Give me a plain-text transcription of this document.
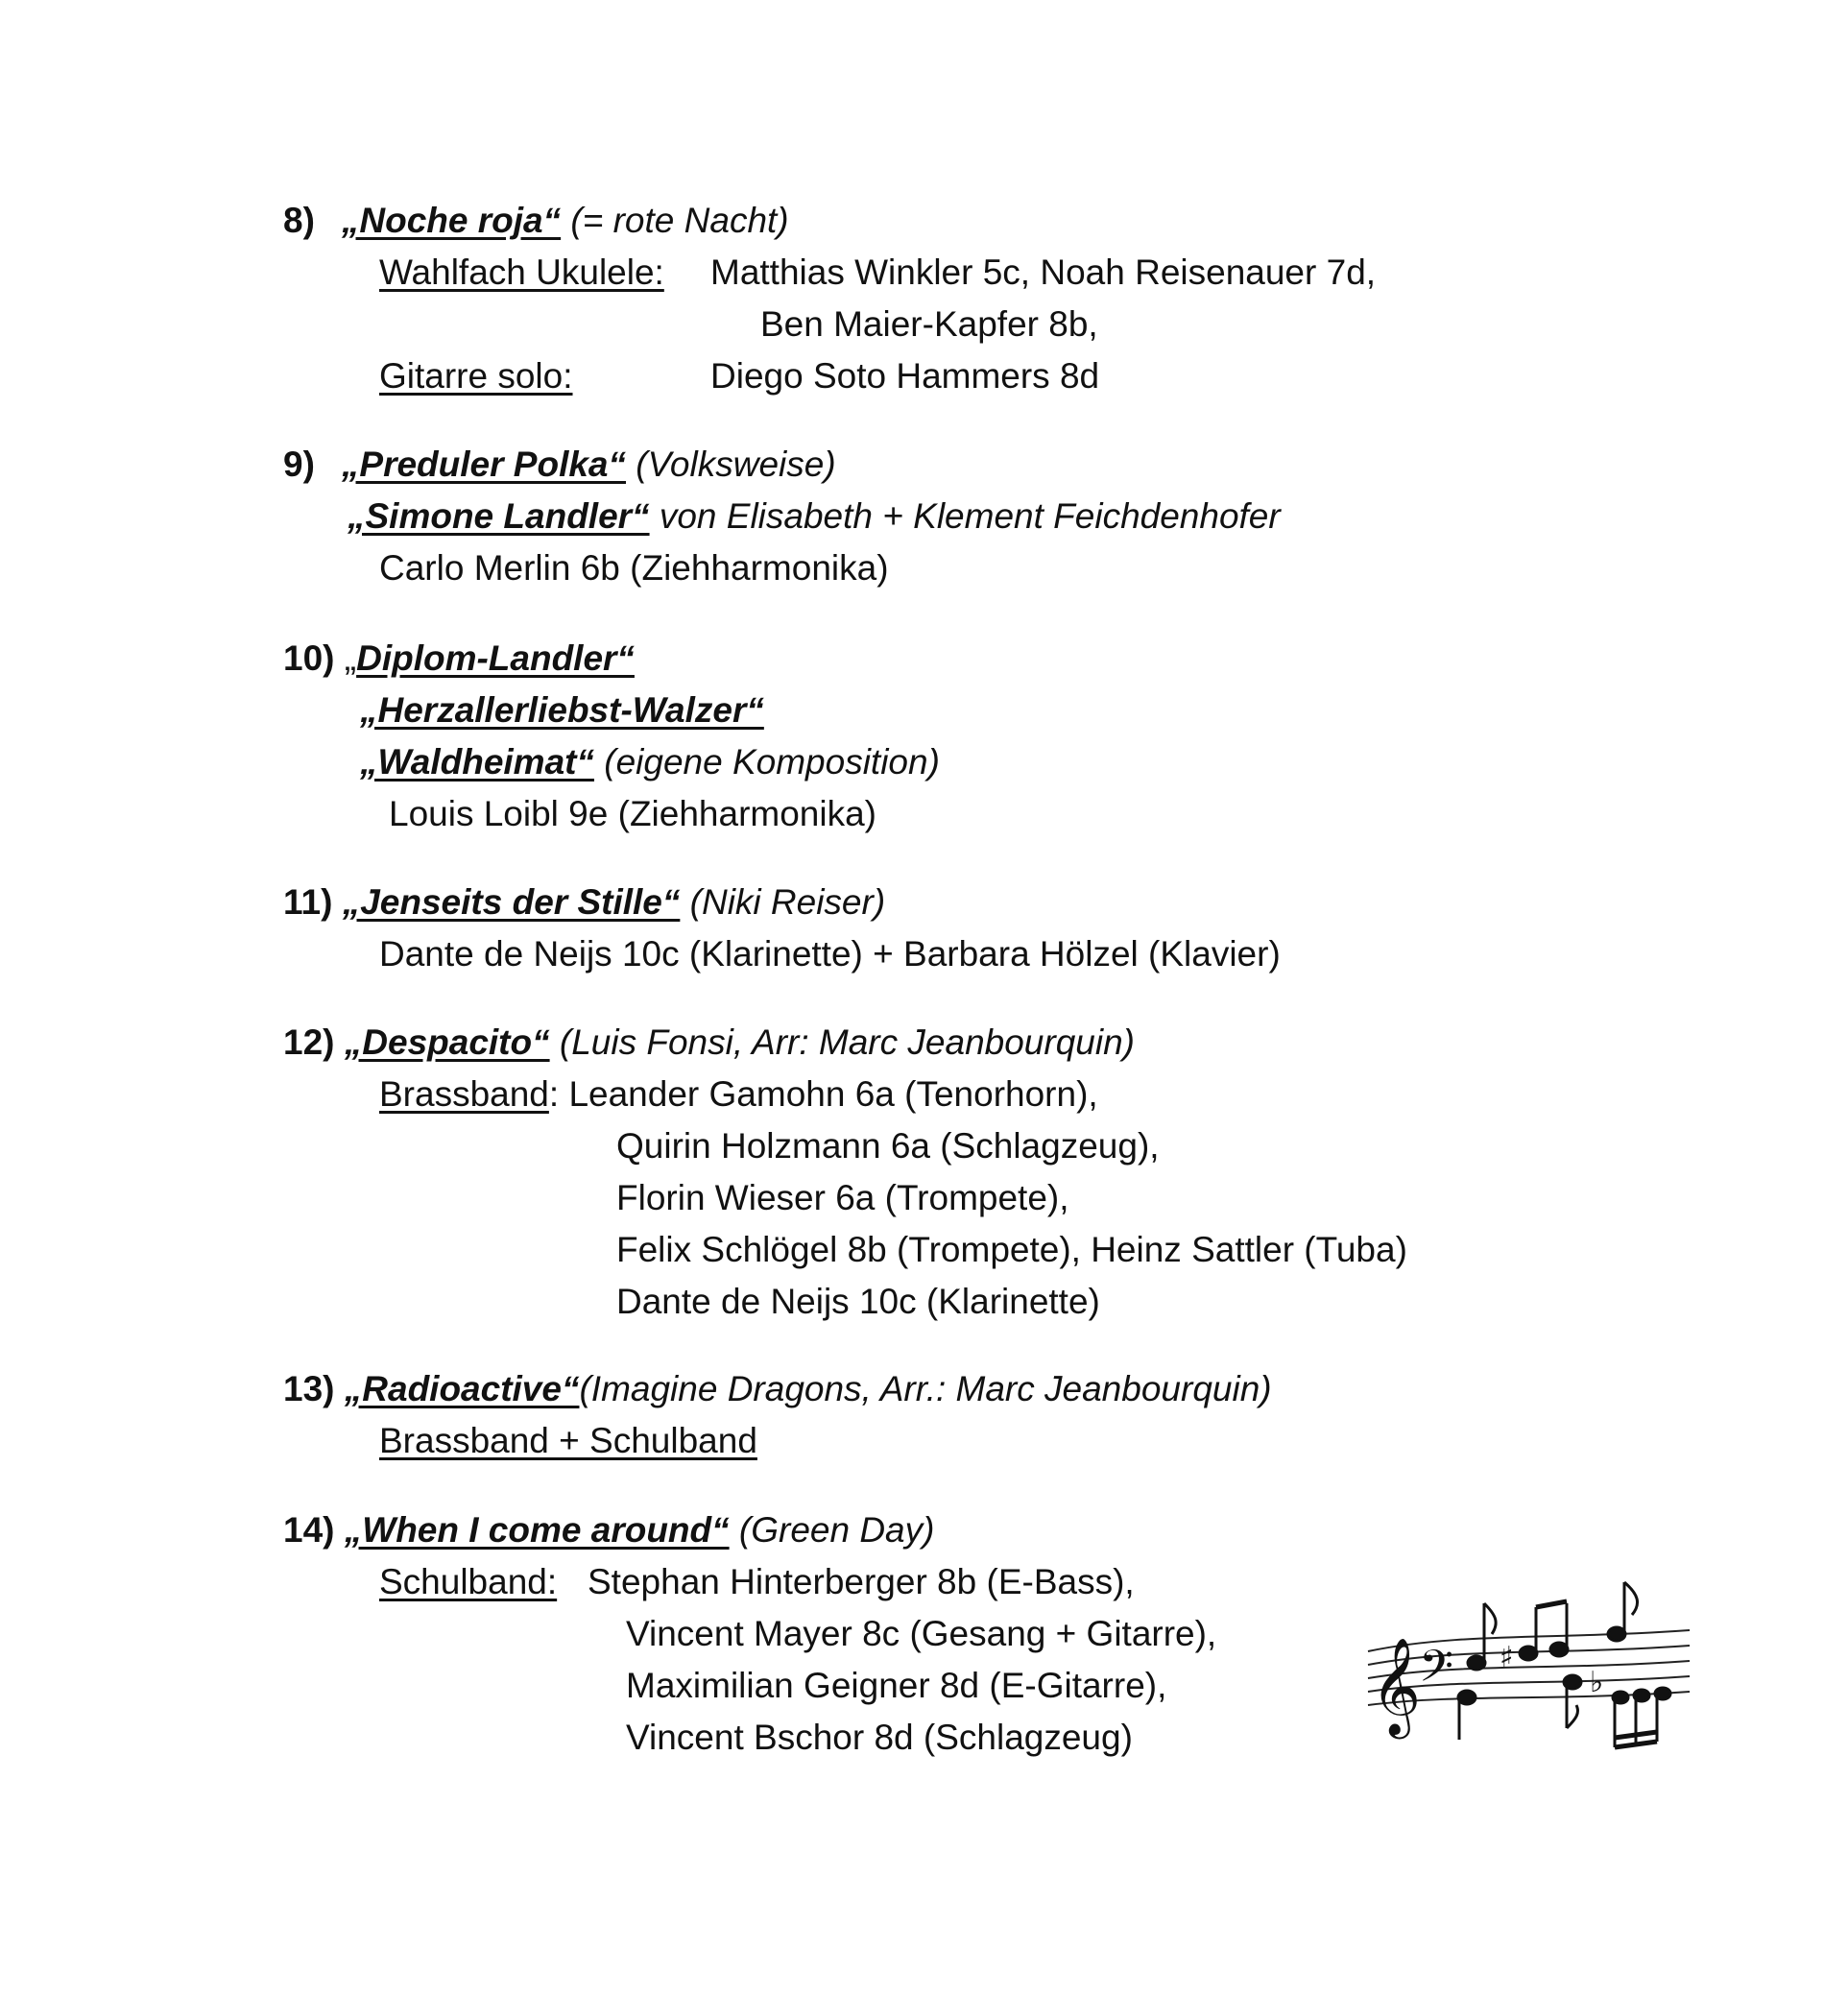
8) „Noche roja“ (= rote Nacht)
Wahlfach Ukulele: Matthias Winkler 5c, Noah Reisenauer 7d,
Ben Maier-Kapfer 8b,
Gitarre solo:	Diego Soto Hammers 8d
9) „Preduler Polka“ (Volksweise)
„Simone Landler“ von Elisabeth + Klement Feichdenhofer
Carlo Merlin 6b (Ziehharmonika)
10) „Diplom-Landler“
„Herzallerliebst-Walzer“
„Waldheimat“ (eigene Komposition)
Louis Loibl 9e (Ziehharmonika)
11) „Jenseits der Stille“ (Niki Reiser)
Dante de Neijs 10c (Klarinette) + Barbara Hölzel (Klavier)
12) „Despacito“ (Luis Fonsi, Arr: Marc Jeanbourquin)
Brassband: Leander Gamohn 6a (Tenorhorn),
Quirin Holzmann 6a (Schlagzeug),
Florin Wieser 6a (Trompete),
Felix Schlögel 8b (Trompete), Heinz Sattler (Tuba)
Dante de Neijs 10c (Klarinette)
13) „Radioactive“(Imagine Dragons, Arr.: Marc Jeanbourquin)
Brassband + Schulband
14) „When I come around“ (Green Day)
Schulband: Stephan Hinterberger 8b (E-Bass),
Vincent Mayer 8c (Gesang + Gitarre),
Maximilian Geigner 8d (E-Gitarre),
Vincent Bschor 8d (Schlagzeug)
𝄞
𝄢 ♯
♭
